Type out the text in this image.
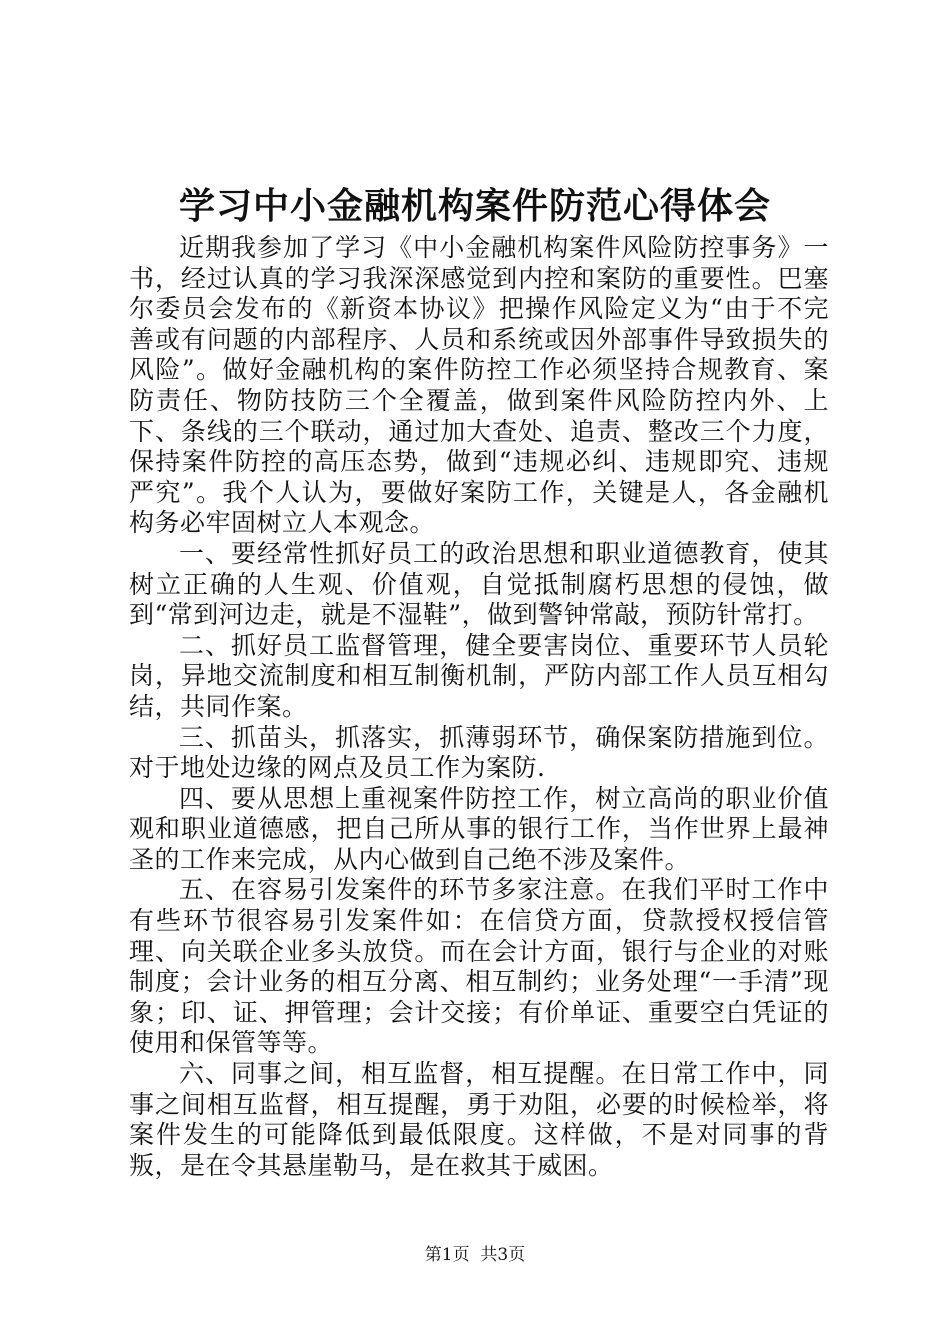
学习中小金融机构案件防范心得体会

近期我参加了学习《中小金融机构案件风险防控事务》一书，经过认真的学习我深深感觉到内控和案防的重要性。巴塞尔委员会发布的《新资本协议》把操作风险定义为“由于不完善或有问题的内部程序、人员和系统或因外部事件导致损失的风险”。做好金融机构的案件防控工作必须坚持合规教育、案防责任、物防技防三个全覆盖，做到案件风险防控内外、上下、条线的三个联动，通过加大查处、追责、整改三个力度，保持案件防控的高压态势，做到“违规必纠、违规即究、违规严究”。我个人认为，要做好案防工作，关键是人，各金融机构务必牢固树立人本观念。

一、要经常性抓好员工的政治思想和职业道德教育，使其树立正确的人生观、价值观，自觉抵制腐朽思想的侵蚀，做到“常到河边走，就是不湿鞋”，做到警钟常敲，预防针常打。

二、抓好员工监督管理，健全要害岗位、重要环节人员轮岗，异地交流制度和相互制衡机制，严防内部工作人员互相勾结，共同作案。

三、抓苗头，抓落实，抓薄弱环节，确保案防措施到位。对于地处边缘的网点及员工作为案防.

四、要从思想上重视案件防控工作，树立高尚的职业价值观和职业道德感，把自己所从事的银行工作，当作世界上最神圣的工作来完成，从内心做到自己绝不涉及案件。

五、在容易引发案件的环节多家注意。在我们平时工作中有些环节很容易引发案件如：在信贷方面，贷款授权授信管理、向关联企业多头放贷。而在会计方面，银行与企业的对账制度；会计业务的相互分离、相互制约；业务处理“一手清”现象；印、证、押管理；会计交接；有价单证、重要空白凭证的使用和保管等等。

六、同事之间，相互监督，相互提醒。在日常工作中，同事之间相互监督，相互提醒，勇于劝阻，必要的时候检举，将案件发生的可能降低到最低限度。这样做，不是对同事的背叛，是在令其悬崖勒马，是在救其于威困。

第1页 共3页
